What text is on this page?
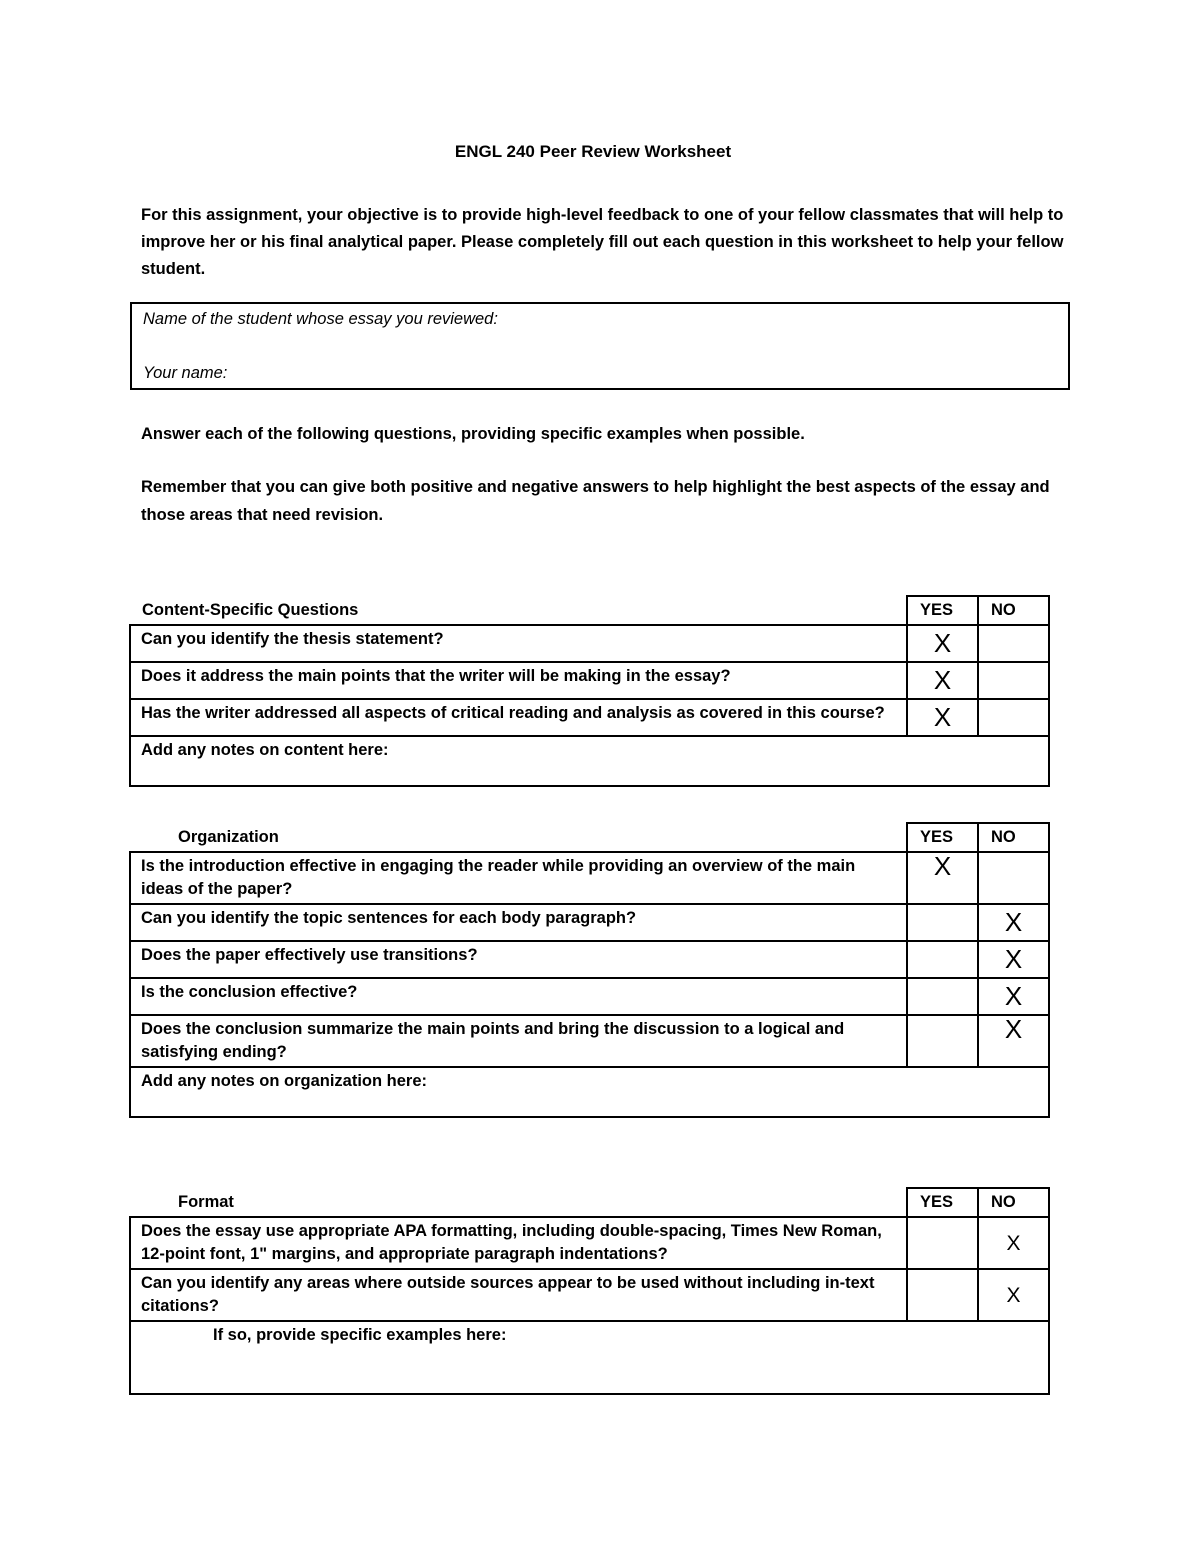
ENGL 240 Peer Review Worksheet
For this assignment, your objective is to provide high-level feedback to one of your fellow classmates that will help to improve her or his final analytical paper. Please completely fill out each question in this worksheet to help your fellow student.
Name of the student whose essay you reviewed:
Your name:
Answer each of the following questions, providing specific examples when possible.
Remember that you can give both positive and negative answers to help highlight the best aspects of the essay and those areas that need revision.
Content-Specific Questions	YES	NO
Can you identify the thesis statement?	X	
Does it address the main points that the writer will be making in the essay?	X	
Has the writer addressed all aspects of critical reading and analysis as covered in this course?	X	
Add any notes on content here:		
Organization	YES	NO
Is the introduction effective in engaging the reader while providing an overview of the main ideas of the paper?	X	
Can you identify the topic sentences for each body paragraph?		X
Does the paper effectively use transitions?		X
Is the conclusion effective?		X
Does the conclusion summarize the main points and bring the discussion to a logical and satisfying ending?		X
Add any notes on organization here:		
Format	YES	NO
Does the essay use appropriate APA formatting, including double-spacing, Times New Roman, 12-point font, 1" margins, and appropriate paragraph indentations?		X
Can you identify any areas where outside sources appear to be used without including in-text citations?		X
If so, provide specific examples here:		
